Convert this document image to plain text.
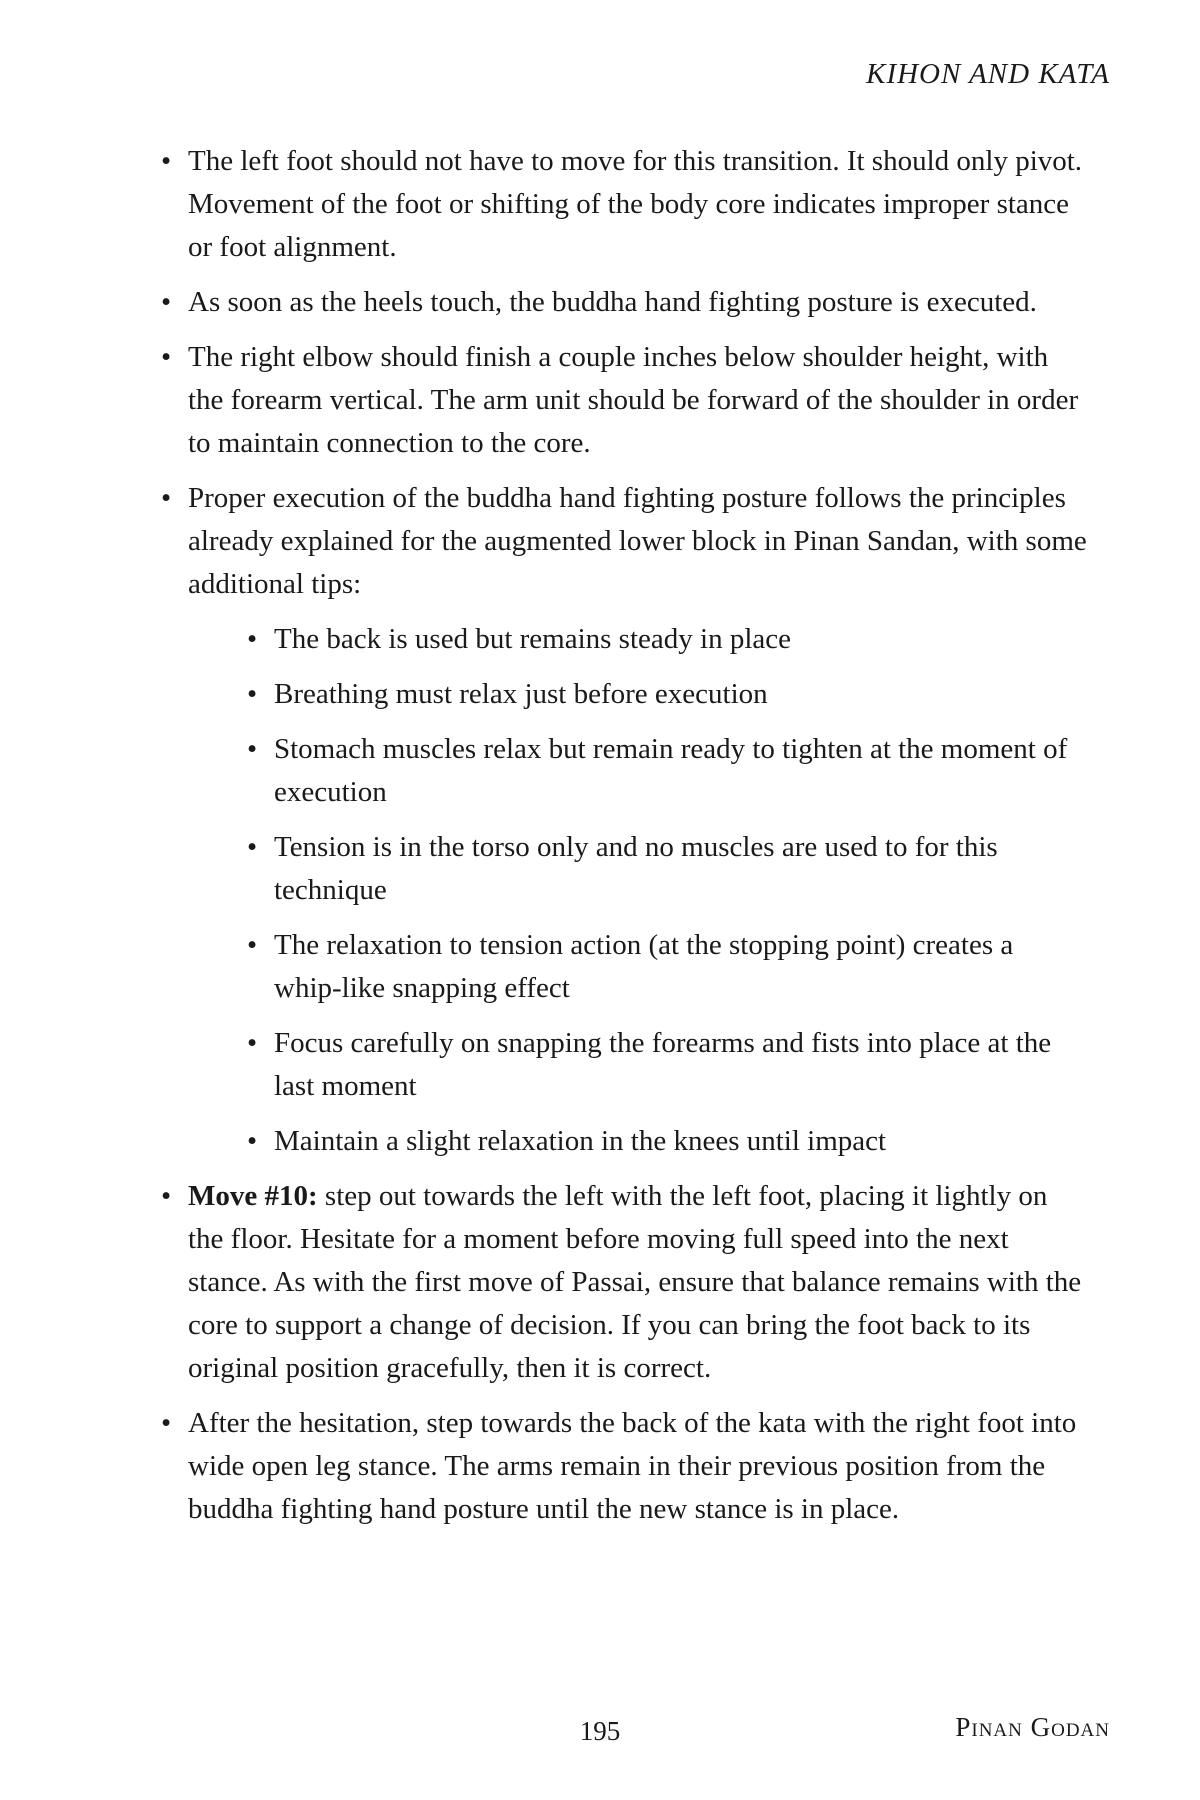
KIHON AND KATA
• The left foot should not have to move for this transition. It should only pivot. Movement of the foot or shifting of the body core indicates improper stance or foot alignment.
• As soon as the heels touch, the buddha hand fighting posture is executed.
• The right elbow should finish a couple inches below shoulder height, with the forearm vertical. The arm unit should be forward of the shoulder in order to maintain connection to the core.
• Proper execution of the buddha hand fighting posture follows the principles already explained for the augmented lower block in Pinan Sandan, with some additional tips:
• The back is used but remains steady in place
• Breathing must relax just before execution
• Stomach muscles relax but remain ready to tighten at the moment of execution
• Tension is in the torso only and no muscles are used to for this technique
• The relaxation to tension action (at the stopping point) creates a whip-like snapping effect
• Focus carefully on snapping the forearms and fists into place at the last moment
• Maintain a slight relaxation in the knees until impact
• Move #10: step out towards the left with the left foot, placing it lightly on the floor. Hesitate for a moment before moving full speed into the next stance. As with the first move of Passai, ensure that balance remains with the core to support a change of decision. If you can bring the foot back to its original position gracefully, then it is correct.
• After the hesitation, step towards the back of the kata with the right foot into wide open leg stance. The arms remain in their previous position from the buddha fighting hand posture until the new stance is in place.
195	Pinan Godan
